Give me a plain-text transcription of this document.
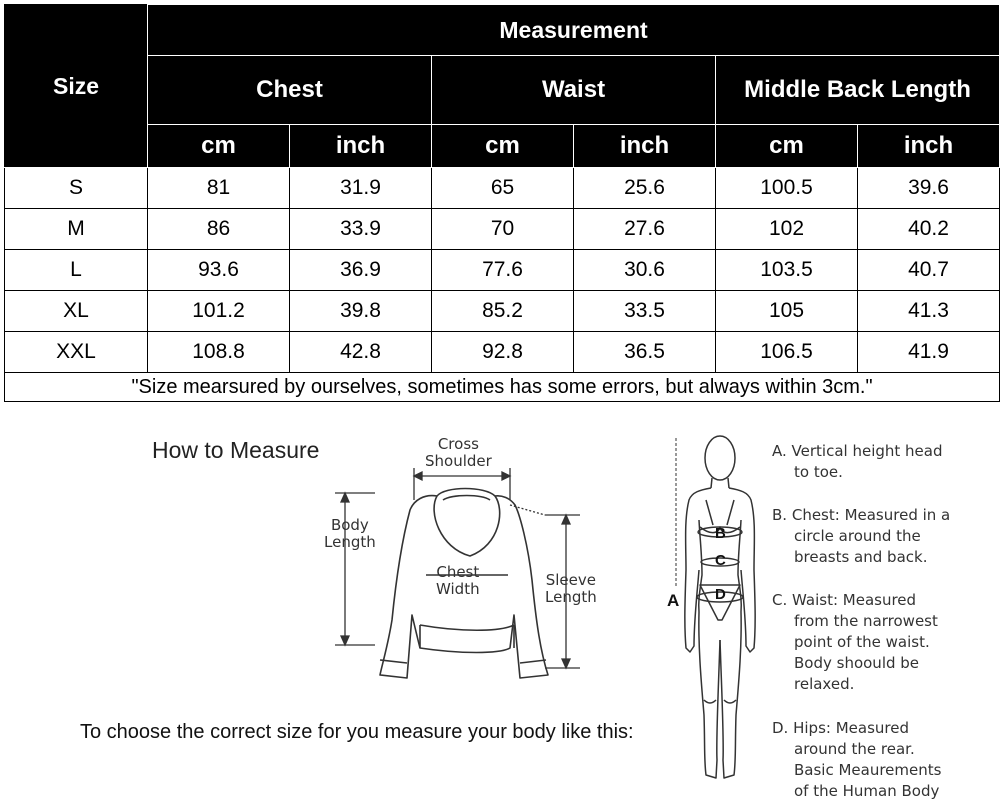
Size	Measurement					
	Chest		Waist		Middle Back Length	
	cm	inch	cm	inch	cm	inch
S	81	31.9	65	25.6	100.5	39.6
M	86	33.9	70	27.6	102	40.2
L	93.6	36.9	77.6	30.6	103.5	40.7
XL	101.2	39.8	85.2	33.5	105	41.3
XXL	108.8	42.8	92.8	36.5	106.5	41.9
"Size mearsured by ourselves, sometimes has some errors, but always within 3cm."						
How to Measure	Cross
Shoulder
Body
Length
Chest
Width	Sleeve
Length	A
B
C
D
A. Vertical height head
to toe.
B. Chest: Measured in a
circle around the
breasts and back.
C. Waist: Measured
from the narrowest
point of the waist.
Body shoould be
relaxed.
D. Hips: Measured
around the rear.
Basic Meaurements
of the Human Body
To choose the correct size for you measure your body like this:
